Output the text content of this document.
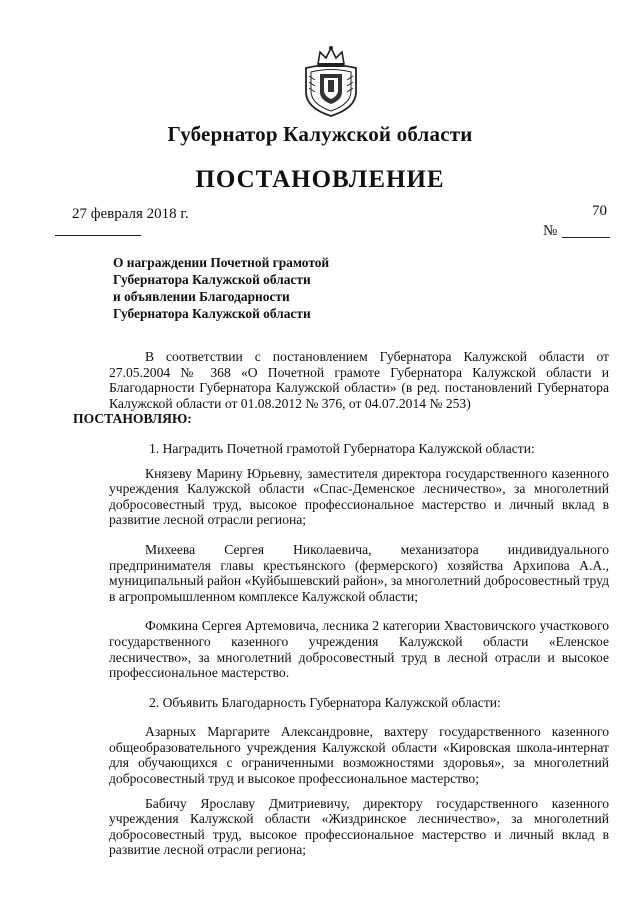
Губернатор Калужской области
ПОСТАНОВЛЕНИЕ
27 февраля 2018 г.	70
№
О награждении Почетной грамотой
Губернатора Калужской области
и объявлении Благодарности
Губернатора Калужской области

В соответствии с постановлением Губернатора Калужской области от 27.05.2004 № 368 «О Почетной грамоте Губернатора Калужской области и Благодарности Губернатора Калужской области» (в ред. постановлений Губернатора Калужской области от 01.08.2012 № 376, от 04.07.2014 № 253)
ПОСТАНОВЛЯЮ:

1. Наградить Почетной грамотой Губернатора Калужской области:

Князеву Марину Юрьевну, заместителя директора государственного казенного учреждения Калужской области «Спас-Деменское лесничество», за многолетний добросовестный труд, высокое профессиональное мастерство и личный вклад в развитие лесной отрасли региона;

Михеева Сергея Николаевича, механизатора индивидуального предпринимателя главы крестьянского (фермерского) хозяйства Архипова А.А., муниципальный район «Куйбышевский район», за многолетний добросовестный труд в агропромышленном комплексе Калужской области;

Фомкина Сергея Артемовича, лесника 2 категории Хвастовичского участкового государственного казенного учреждения Калужской области «Еленское лесничество», за многолетний добросовестный труд в лесной отрасли и высокое профессиональное мастерство.

2. Объявить Благодарность Губернатора Калужской области:

Азарных Маргарите Александровне, вахтеру государственного казенного общеобразовательного учреждения Калужской области «Кировская школа-интернат для обучающихся с ограниченными возможностями здоровья», за многолетний добросовестный труд и высокое профессиональное мастерство;

Бабичу Ярославу Дмитриевичу, директору государственного казенного учреждения Калужской области «Жиздринское лесничество», за многолетний добросовестный труд, высокое профессиональное мастерство и личный вклад в развитие лесной отрасли региона;
